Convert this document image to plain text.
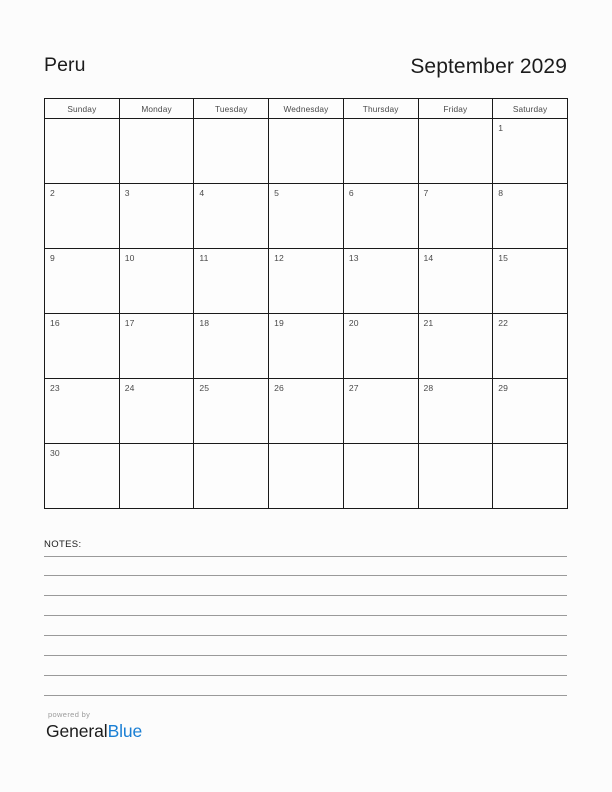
Peru	September 2029
Sunday	Monday	Tuesday	Wednesday	Thursday	Friday	Saturday

						1

2	3	4	5	6	7	8

9	10	11	12	13	14	15

16	17	18	19	20	21	22

23	24	25	26	27	28	29

30						

NOTES:
powered by
GeneralBlue
